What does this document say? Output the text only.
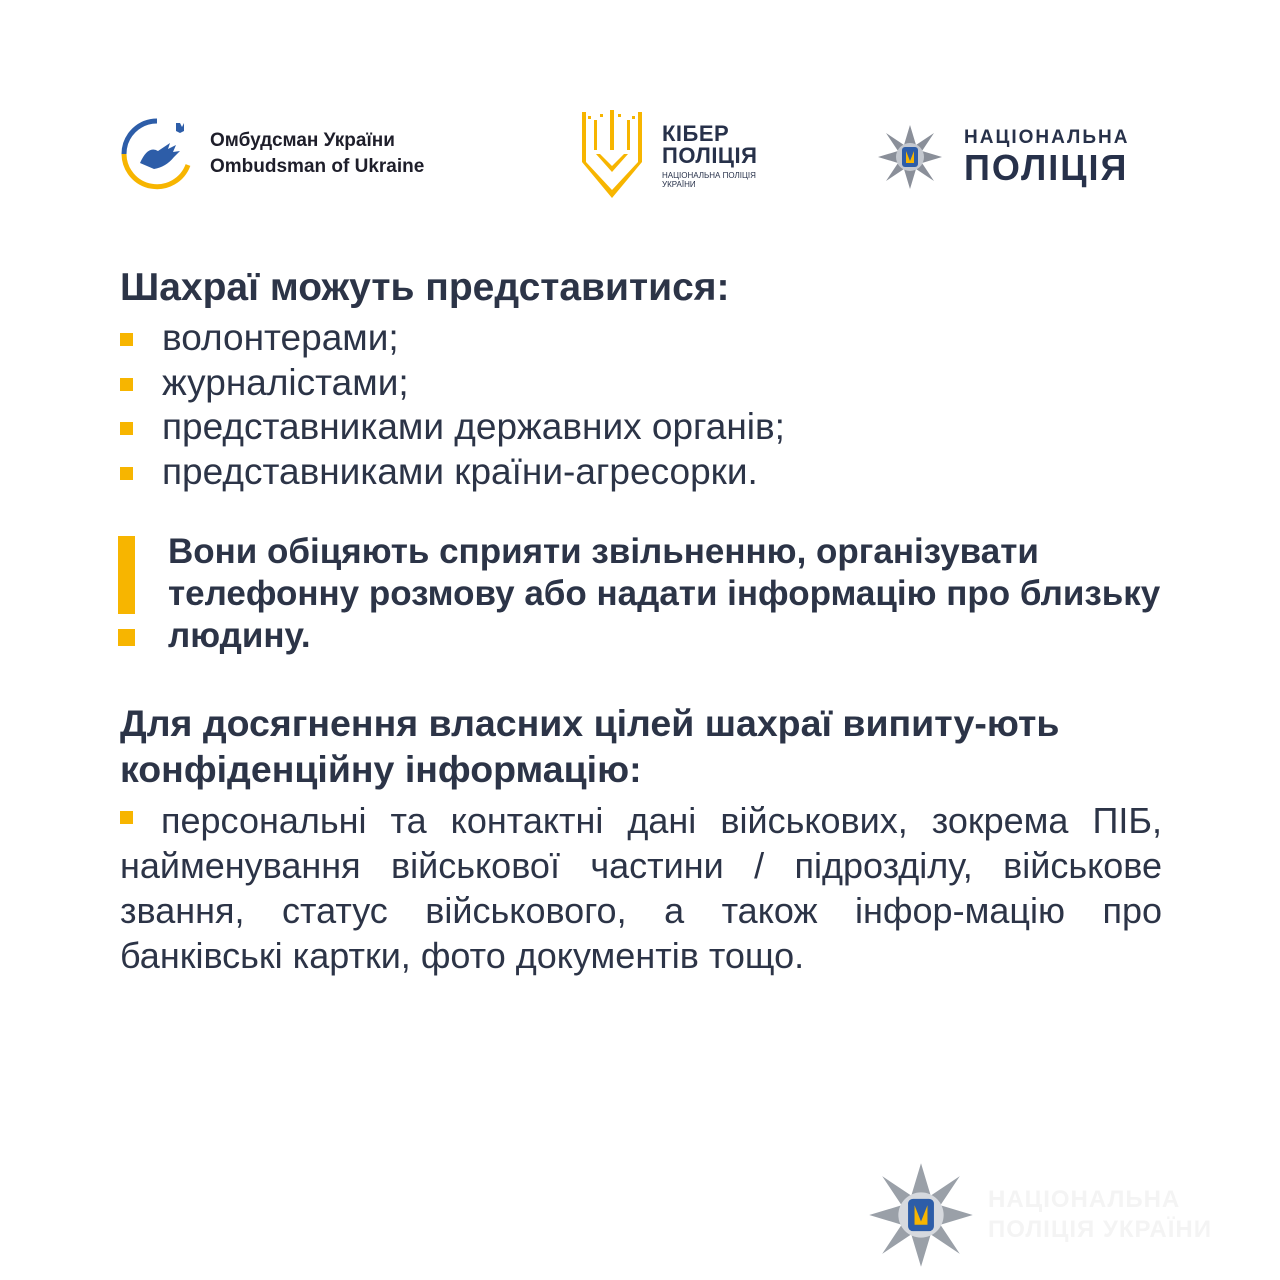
Омбудсман України
Ombudsman of Ukraine
КІБЕР
ПОЛІЦІЯ
НАЦІОНАЛЬНА ПОЛІЦІЯ
УКРАЇНИ
НАЦІОНАЛЬНА
ПОЛІЦІЯ
Шахраї можуть представитися:
волонтерами;
журналістами;
представниками державних органів;
представниками країни-агресорки.
Вони обіцяють сприяти звільненню, організувати телефонну розмову або надати інформацію про близьку людину.
Для досягнення власних цілей шахраї випиту-ють конфіденційну інформацію:
персональні та контактні дані військових, зокрема ПІБ, найменування військової частини / підрозділу, військове звання, статус військового, а також інфор-мацію про банківські картки, фото документів тощо.
НАЦІОНАЛЬНА
ПОЛІЦІЯ УКРАЇНИ
